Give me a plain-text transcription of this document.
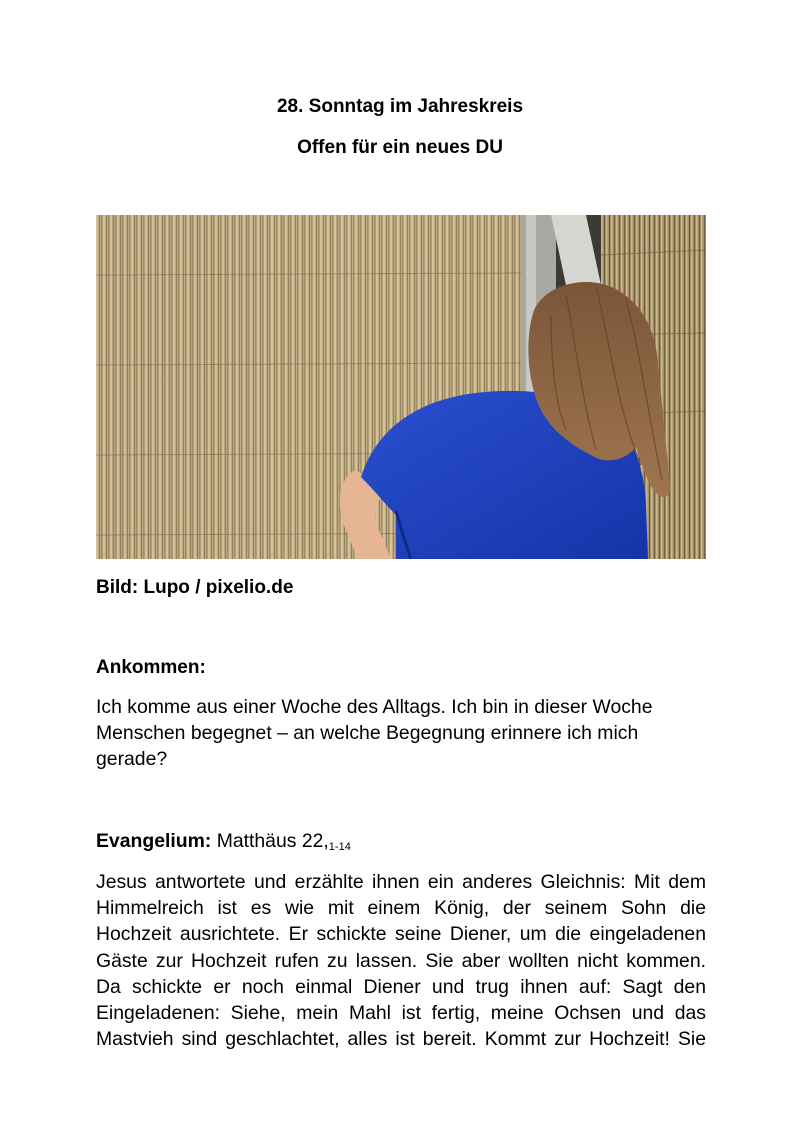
28. Sonntag im Jahreskreis
Offen für ein neues DU
Bild: Lupo / pixelio.de
Ankommen:
Ich komme aus einer Woche des Alltags. Ich bin in dieser Woche
Menschen begegnet – an welche Begegnung erinnere ich mich
gerade?
Evangelium: Matthäus $22,_{1-14}$
Jesus antwortete und erzählte ihnen ein anderes Gleichnis: Mit dem
Himmelreich ist es wie mit einem König, der seinem Sohn die
Hochzeit ausrichtete. Er schickte seine Diener, um die eingeladenen
Gäste zur Hochzeit rufen zu lassen. Sie aber wollten nicht kommen.
Da schickte er noch einmal Diener und trug ihnen auf: Sagt den
Eingeladenen: Siehe, mein Mahl ist fertig, meine Ochsen und das
Mastvieh sind geschlachtet, alles ist bereit. Kommt zur Hochzeit! Sie
